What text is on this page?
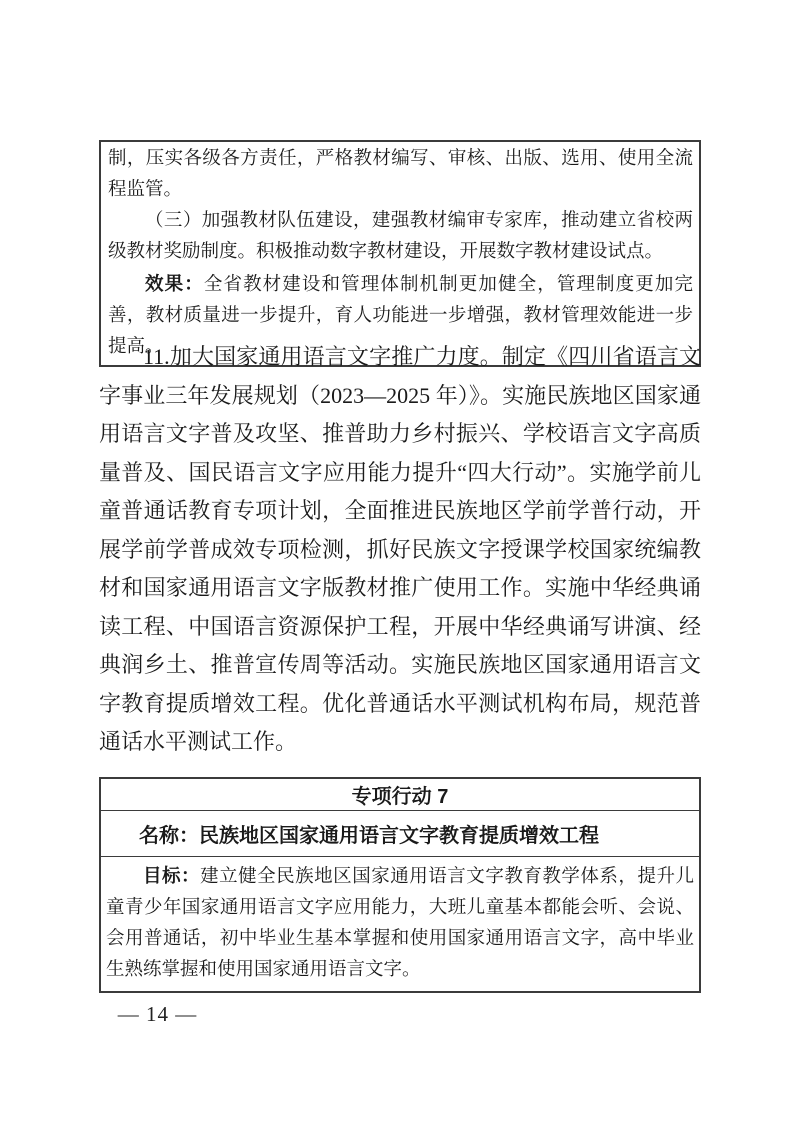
制，压实各级各方责任，严格教材编写、审核、出版、选用、使用全流程监管。

（三）加强教材队伍建设，建强教材编审专家库，推动建立省校两级教材奖励制度。积极推动数字教材建设，开展数字教材建设试点。

效果：全省教材建设和管理体制机制更加健全，管理制度更加完善，教材质量进一步提升，育人功能进一步增强，教材管理效能进一步提高。

11.加大国家通用语言文字推广力度。制定《四川省语言文字事业三年发展规划（2023—2025 年）》。实施民族地区国家通用语言文字普及攻坚、推普助力乡村振兴、学校语言文字高质量普及、国民语言文字应用能力提升“四大行动”。实施学前儿童普通话教育专项计划，全面推进民族地区学前学普行动，开展学前学普成效专项检测，抓好民族文字授课学校国家统编教材和国家通用语言文字版教材推广使用工作。实施中华经典诵读工程、中国语言资源保护工程，开展中华经典诵写讲演、经典润乡土、推普宣传周等活动。实施民族地区国家通用语言文字教育提质增效工程。优化普通话水平测试机构布局，规范普通话水平测试工作。

专项行动 7
名称：民族地区国家通用语言文字教育提质增效工程

目标：建立健全民族地区国家通用语言文字教育教学体系，提升儿童青少年国家通用语言文字应用能力，大班儿童基本都能会听、会说、会用普通话，初中毕业生基本掌握和使用国家通用语言文字，高中毕业生熟练掌握和使用国家通用语言文字。

— 14 —
